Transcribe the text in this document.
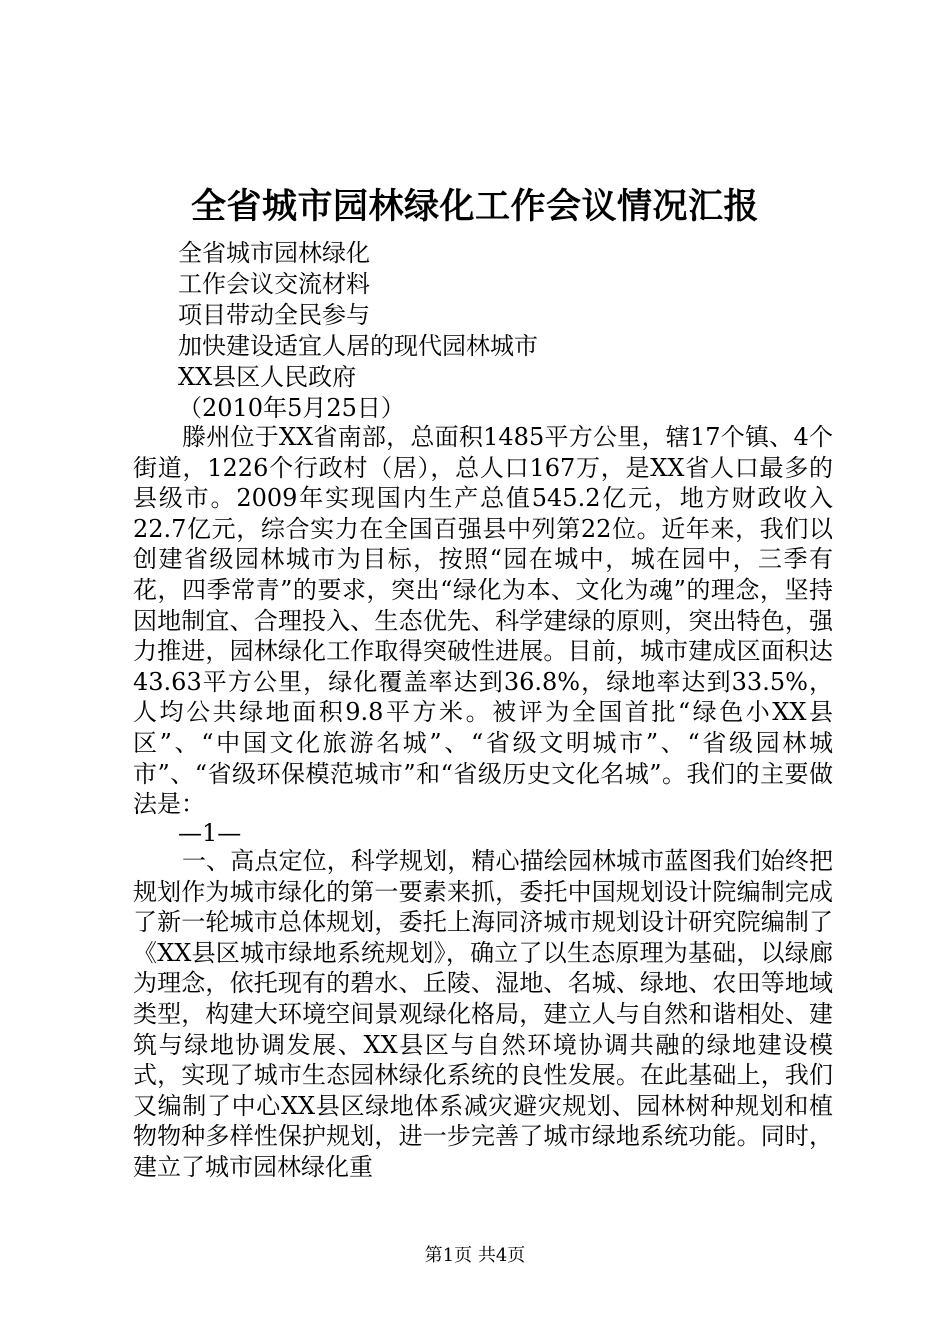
全省城市园林绿化工作会议情况汇报
全省城市园林绿化
工作会议交流材料
项目带动全民参与
加快建设适宜人居的现代园林城市
XX县区人民政府
（2010年5月25日）

滕州位于XX省南部，总面积1485平方公里，辖17个镇、4个街道，1226个行政村（居），总人口167万，是XX省人口最多的县级市。2009年实现国内生产总值545.2亿元，地方财政收入22.7亿元，综合实力在全国百强县中列第22位。近年来，我们以创建省级园林城市为目标，按照“园在城中，城在园中，三季有花，四季常青”的要求，突出“绿化为本、文化为魂”的理念，坚持因地制宜、合理投入、生态优先、科学建绿的原则，突出特色，强力推进，园林绿化工作取得突破性进展。目前，城市建成区面积达43.63平方公里，绿化覆盖率达到36.8%，绿地率达到33.5%，人均公共绿地面积9.8平方米。被评为全国首批“绿色小XX县区”、“中国文化旅游名城”、“省级文明城市”、“省级园林城市”、“省级环保模范城市”和“省级历史文化名城”。我们的主要做法是：

—1—

一、高点定位，科学规划，精心描绘园林城市蓝图我们始终把规划作为城市绿化的第一要素来抓，委托中国规划设计院编制完成了新一轮城市总体规划，委托上海同济城市规划设计研究院编制了《XX县区城市绿地系统规划》，确立了以生态原理为基础，以绿廊为理念，依托现有的碧水、丘陵、湿地、名城、绿地、农田等地域类型，构建大环境空间景观绿化格局，建立人与自然和谐相处、建筑与绿地协调发展、XX县区与自然环境协调共融的绿地建设模式，实现了城市生态园林绿化系统的良性发展。在此基础上，我们又编制了中心XX县区绿地体系减灾避灾规划、园林树种规划和植物物种多样性保护规划，进一步完善了城市绿地系统功能。同时，建立了城市园林绿化重

第1页 共4页
